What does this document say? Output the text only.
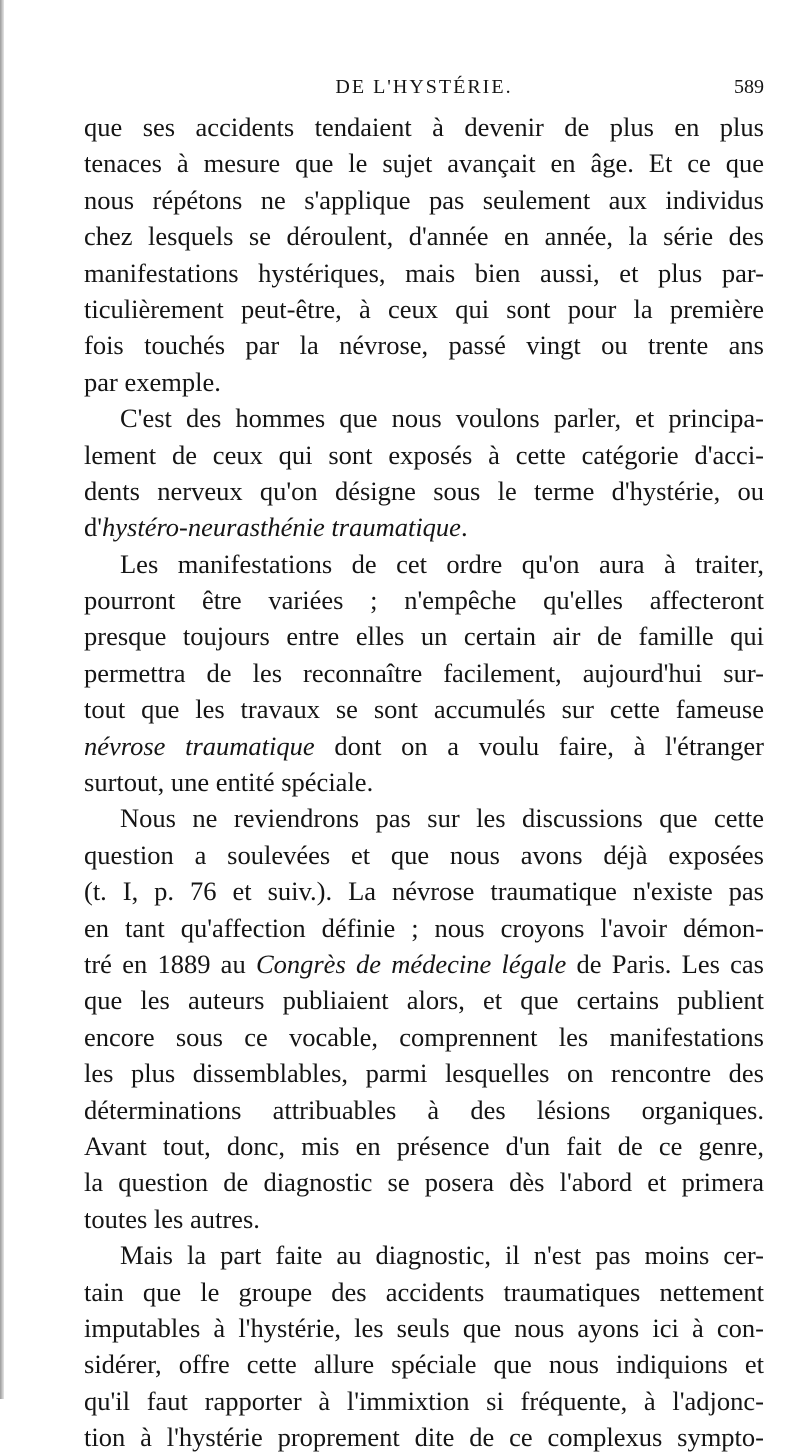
DE L'HYSTÉRIE.	589
que ses accidents tendaient à devenir de plus en plus
tenaces à mesure que le sujet avançait en âge. Et ce que
nous répétons ne s'applique pas seulement aux individus
chez lesquels se déroulent, d'année en année, la série des
manifestations hystériques, mais bien aussi, et plus par-
ticulièrement peut-être, à ceux qui sont pour la première
fois touchés par la névrose, passé vingt ou trente ans
par exemple.
C'est des hommes que nous voulons parler, et principa-
lement de ceux qui sont exposés à cette catégorie d'acci-
dents nerveux qu'on désigne sous le terme d'hystérie, ou
d'hystéro-neurasthénie traumatique.
Les manifestations de cet ordre qu'on aura à traiter,
pourront être variées ; n'empêche qu'elles affecteront
presque toujours entre elles un certain air de famille qui
permettra de les reconnaître facilement, aujourd'hui sur-
tout que les travaux se sont accumulés sur cette fameuse
névrose traumatique dont on a voulu faire, à l'étranger
surtout, une entité spéciale.
Nous ne reviendrons pas sur les discussions que cette
question a soulevées et que nous avons déjà exposées
(t. I, p. 76 et suiv.). La névrose traumatique n'existe pas
en tant qu'affection définie ; nous croyons l'avoir démon-
tré en 1889 au Congrès de médecine légale de Paris. Les cas
que les auteurs publiaient alors, et que certains publient
encore sous ce vocable, comprennent les manifestations
les plus dissemblables, parmi lesquelles on rencontre des
déterminations attribuables à des lésions organiques.
Avant tout, donc, mis en présence d'un fait de ce genre,
la question de diagnostic se posera dès l'abord et primera
toutes les autres.
Mais la part faite au diagnostic, il n'est pas moins cer-
tain que le groupe des accidents traumatiques nettement
imputables à l'hystérie, les seuls que nous ayons ici à con-
sidérer, offre cette allure spéciale que nous indiquions et
qu'il faut rapporter à l'immixtion si fréquente, à l'adjonc-
tion à l'hystérie proprement dite de ce complexus sympto-
